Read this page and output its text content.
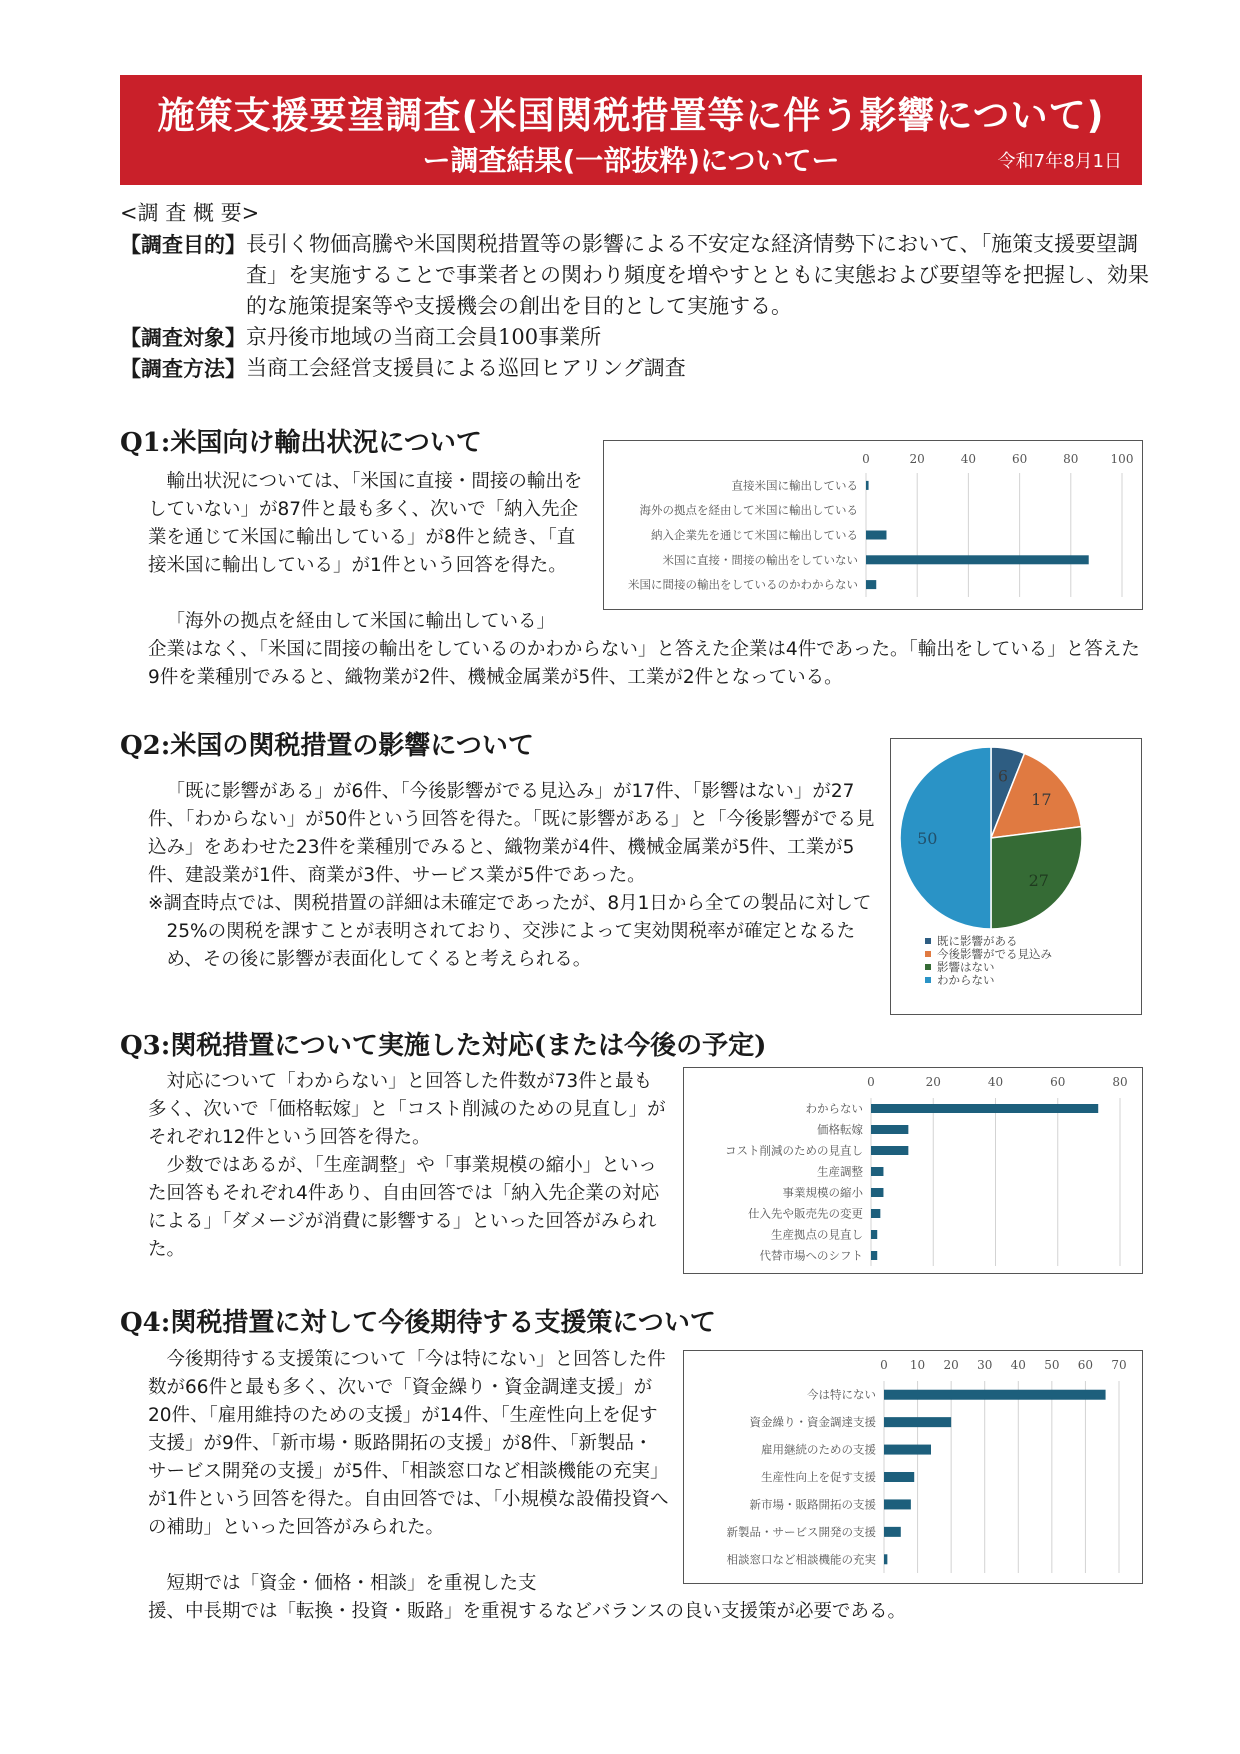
施策支援要望調査(米国関税措置等に伴う影響について)
ー調査結果(一部抜粋)についてー	令和7年8月1日
<調 査 概 要>
【調査目的】 長引く物価高騰や米国関税措置等の影響による不安定な経済情勢下において、「施策支援要望調査」を実施することで事業者との関わり頻度を増やすとともに実態および要望等を把握し、効果的な施策提案等や支援機会の創出を目的として実施する。
【調査対象】 京丹後市地域の当商工会員100事業所
【調査方法】 当商工会経営支援員による巡回ヒアリング調査
Q1:米国向け輸出状況について

輸出状況については、「米国に直接・間接の輸出をしていない」が87件と最も多く、次いで「納入先企業を通じて米国に輸出している」が8件と続き、「直接米国に輸出している」が1件という回答を得た。

「海外の拠点を経由して米国に輸出している」

企業はなく、「米国に間接の輸出をしているのかわからない」と答えた企業は4件であった。「輸出をしている」と答えた9件を業種別でみると、織物業が2件、機械金属業が5件、工業が2件となっている。

0	20	40	60	80	100
直接米国に輸出している
海外の拠点を経由して米国に輸出している
納入企業先を通じて米国に輸出している
米国に直接・間接の輸出をしていない
米国に間接の輸出をしているのかわからない
Q2:米国の関税措置の影響について

「既に影響がある」が6件、「今後影響がでる見込み」が17件、「影響はない」が27件、「わからない」が50件という回答を得た。「既に影響がある」と「今後影響がでる見込み」をあわせた23件を業種別でみると、織物業が4件、機械金属業が5件、工業が5件、建設業が1件、商業が3件、サービス業が5件であった。

※調査時点では、関税措置の詳細は未確定であったが、8月1日から全ての製品に対して25%の関税を課すことが表明されており、交渉によって実効関税率が確定となるため、その後に影響が表面化してくると考えられる。

6
17
27
50
既に影響がある
今後影響がでる見込み
影響はない
わからない
Q3:関税措置について実施した対応(または今後の予定)

対応について「わからない」と回答した件数が73件と最も多く、次いで「価格転嫁」と「コスト削減のための見直し」がそれぞれ12件という回答を得た。

少数ではあるが、「生産調整」や「事業規模の縮小」といった回答もそれぞれ4件あり、自由回答では「納入先企業の対応による」「ダメージが消費に影響する」といった回答がみられた。

0	20	40	60	80
わからない
価格転嫁
コスト削減のための見直し
生産調整
事業規模の縮小
仕入先や販売先の変更
生産拠点の見直し
代替市場へのシフト
Q4:関税措置に対して今後期待する支援策について

今後期待する支援策について「今は特にない」と回答した件数が66件と最も多く、次いで「資金繰り・資金調達支援」が20件、「雇用維持のための支援」が14件、「生産性向上を促す支援」が9件、「新市場・販路開拓の支援」が8件、「新製品・サービス開発の支援」が5件、「相談窓口など相談機能の充実」が1件という回答を得た。自由回答では、「小規模な設備投資への補助」といった回答がみられた。

短期では「資金・価格・相談」を重視した支

援、中長期では「転換・投資・販路」を重視するなどバランスの良い支援策が必要である。

0 10 20 30 40 50 60 70
今は特にない
資金繰り・資金調達支援
雇用継続のための支援
生産性向上を促す支援
新市場・販路開拓の支援
新製品・サービス開発の支援
相談窓口など相談機能の充実
